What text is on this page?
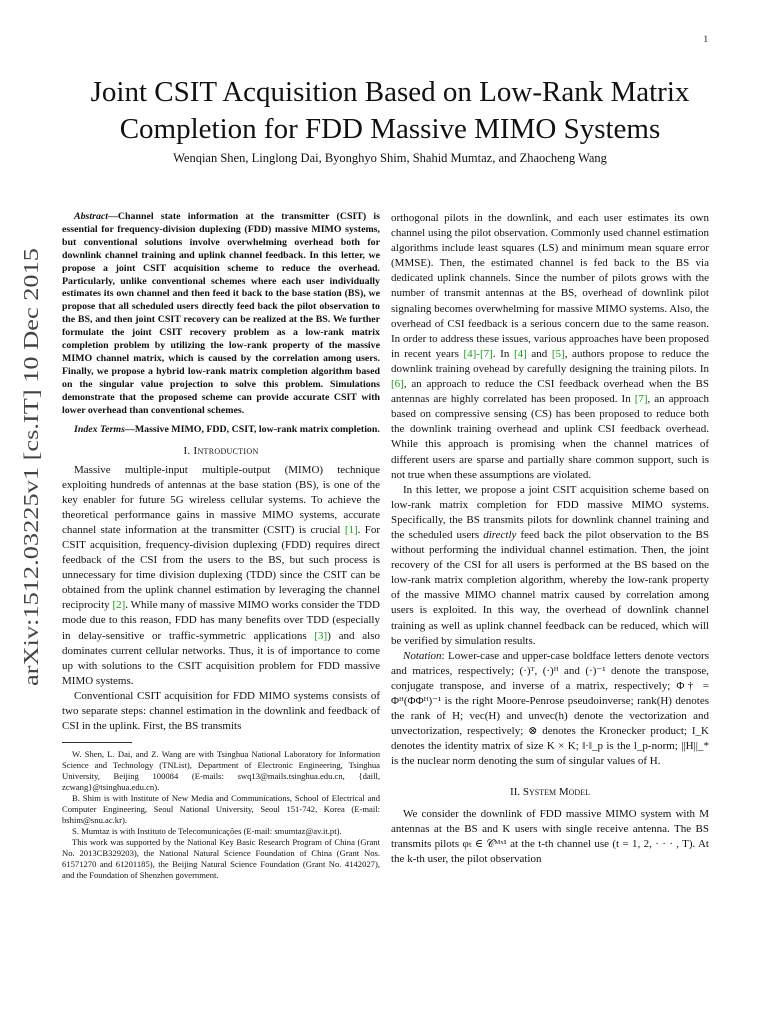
1
arXiv:1512.03225v1 [cs.IT] 10 Dec 2015
Joint CSIT Acquisition Based on Low-Rank Matrix
Completion for FDD Massive MIMO Systems
Wenqian Shen, Linglong Dai, Byonghyo Shim, Shahid Mumtaz, and Zhaocheng Wang

Abstract—Channel state information at the transmitter (CSIT) is essential for frequency-division duplexing (FDD) massive MIMO systems, but conventional solutions involve overwhelming overhead both for downlink channel training and uplink channel feedback. In this letter, we propose a joint CSIT acquisition scheme to reduce the overhead. Particularly, unlike conventional schemes where each user individually estimates its own channel and then feed it back to the base station (BS), we propose that all scheduled users directly feed back the pilot observation to the BS, and then joint CSIT recovery can be realized at the BS. We further formulate the joint CSIT recovery problem as a low-rank matrix completion problem by utilizing the low-rank property of the massive MIMO channel matrix, which is caused by the correlation among users. Finally, we propose a hybrid low-rank matrix completion algorithm based on the singular value projection to solve this problem. Simulations demonstrate that the proposed scheme can provide accurate CSIT with lower overhead than conventional schemes.

Index Terms—Massive MIMO, FDD, CSIT, low-rank matrix completion.

I. Introduction

Massive multiple-input multiple-output (MIMO) technique exploiting hundreds of antennas at the base station (BS), is one of the key enabler for future 5G wireless cellular systems. To achieve the theoretical performance gains in massive MIMO systems, accurate channel state information at the transmitter (CSIT) is crucial [1]. For CSIT acquisition, frequency-division duplexing (FDD) requires direct feedback of the CSI from the users to the BS, but such process is unnecessary for time division duplexing (TDD) since the CSIT can be obtained from the uplink channel estimation by leveraging the channel reciprocity [2]. While many of massive MIMO works consider the TDD mode due to this reason, FDD has many benefits over TDD (especially in delay-sensitive or traffic-symmetric applications [3]) and also dominates current cellular networks. Thus, it is of importance to come up with solutions to the CSIT acquisition problem for FDD massive MIMO systems.

Conventional CSIT acquisition for FDD MIMO systems consists of two separate steps: channel estimation in the downlink and feedback of CSI in the uplink. First, the BS transmits

W. Shen, L. Dai, and Z. Wang are with Tsinghua National Laboratory for Information Science and Technology (TNList), Department of Electronic Engineering, Tsinghua University, Beijing 100084 (E-mails: swq13@mails.tsinghua.edu.cn, {daill, zcwang}@tsinghua.edu.cn).

B. Shim is with Institute of New Media and Communications, School of Electrical and Computer Engineering, Seoul National University, Seoul 151-742, Korea (E-mail: bshim@snu.ac.kr).

S. Mumtaz is with Instituto de Telecomunicações (E-mail: smumtaz@av.it.pt).

This work was supported by the National Key Basic Research Program of China (Grant No. 2013CB329203), the National Natural Science Foundation of China (Grant Nos. 61571270 and 61201185), the Beijing Natural Science Foundation (Grant No. 4142027), and the Foundation of Shenzhen government.

orthogonal pilots in the downlink, and each user estimates its own channel using the pilot observation. Commonly used channel estimation algorithms include least squares (LS) and minimum mean square error (MMSE). Then, the estimated channel is fed back to the BS via dedicated uplink channels. Since the number of pilots grows with the number of transmit antennas at the BS, overhead of downlink pilot signaling becomes overwhelming for massive MIMO systems. Also, the overhead of CSI feedback is a serious concern due to the same reason. In order to address these issues, various approaches have been proposed in recent years [4]-[7]. In [4] and [5], authors propose to reduce the downlink training ovehead by carefully designing the training pilots. In [6], an approach to reduce the CSI feedback overhead when the BS antennas are highly correlated has been proposed. In [7], an approach based on compressive sensing (CS) has been proposed to reduce both the downlink training overhead and uplink CSI feedback overhead. While this approach is promising when the channel matrices of different users are sparse and partially share common support, such is not true when these assumptions are violated.

In this letter, we propose a joint CSIT acquisition scheme based on low-rank matrix completion for FDD massive MIMO systems. Specifically, the BS transmits pilots for downlink channel training and the scheduled users directly feed back the pilot observation to the BS without performing the individual channel estimation. Then, the joint recovery of the CSI for all users is performed at the BS based on the low-rank matrix completion algorithm, whereby the low-rank property of the massive MIMO channel matrix caused by correlation among users is exploited. In this way, the overhead of downlink channel training as well as uplink channel feedback can be reduced, which will be verified by simulation results.

Notation: Lower-case and upper-case boldface letters denote vectors and matrices, respectively; (·)ᵀ, (·)ᴴ and (·)⁻¹ denote the transpose, conjugate transpose, and inverse of a matrix, respectively; Φ† = Φᴴ(ΦΦᴴ)⁻¹ is the right Moore-Penrose pseudoinverse; rank(H) denotes the rank of H; vec(H) and unvec(h) denote the vectorization and unvectorization, respectively; ⊗ denotes the Kronecker product; I_K denotes the identity matrix of size K × K; ‖·‖_p is the l_p-norm; ||H||_* is the nuclear norm denoting the sum of singular values of H.

II. System Model

We consider the downlink of FDD massive MIMO system with M antennas at the BS and K users with single receive antenna. The BS transmits pilots φₜ ∈ 𝒞ᴹˣ¹ at the t-th channel use (t = 1, 2, · · · , T). At the k-th user, the pilot observation
